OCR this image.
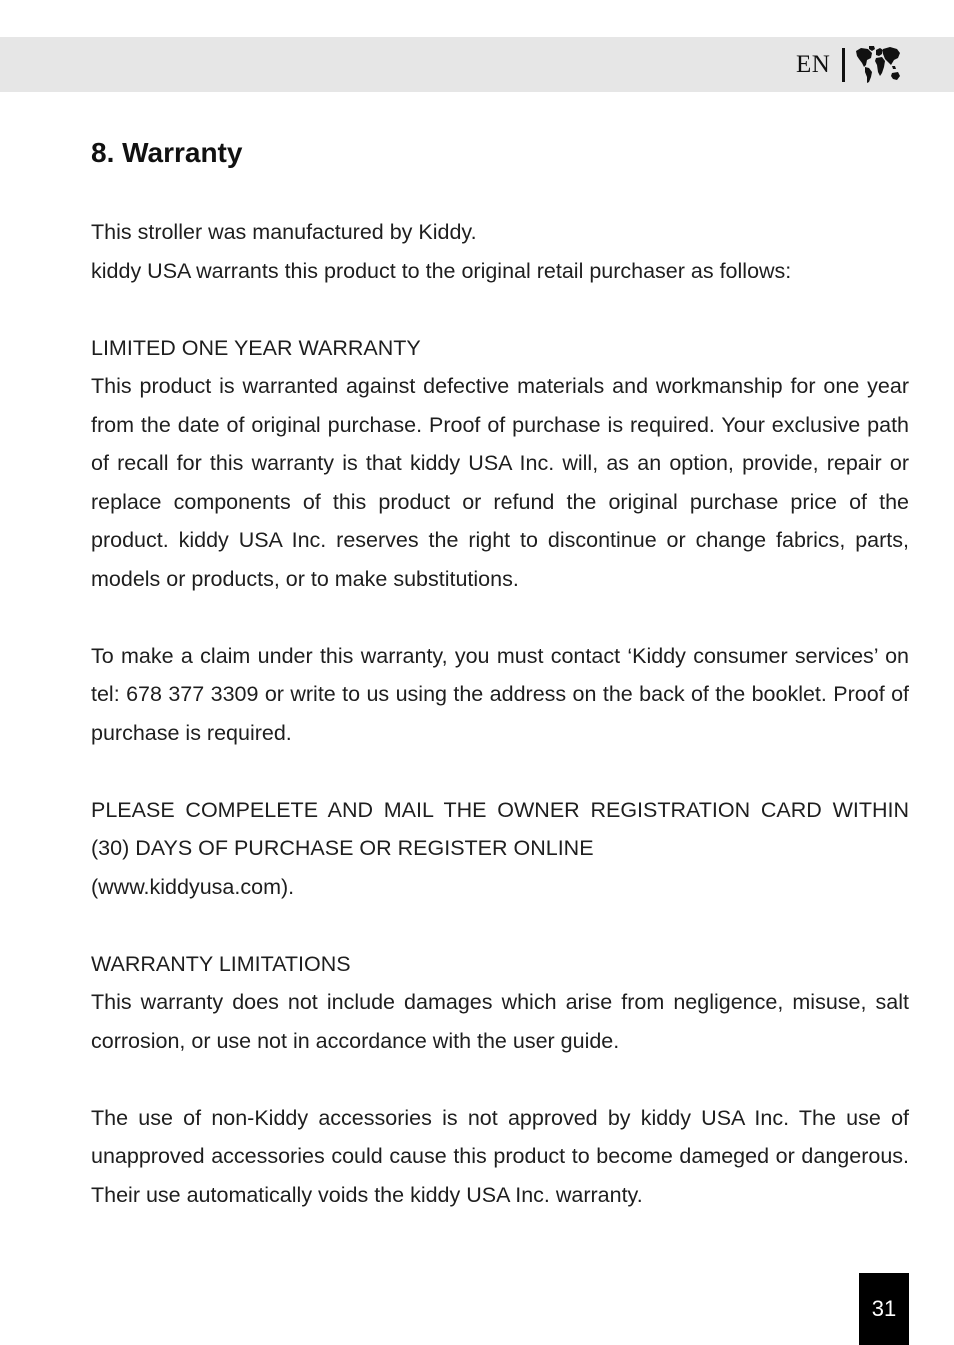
EN
8. Warranty

This stroller was manufactured by Kiddy.

kiddy USA warrants this product to the original retail purchaser as follows:

LIMITED ONE YEAR WARRANTY

This product is warranted against defective materials and workmanship for one year from the date of original purchase. Proof of purchase is required. Your exclusive path of recall for this warranty is that kiddy USA Inc. will, as an option, provide, repair or replace components of this product or refund the original purchase price of the product. kiddy USA Inc. reserves the right to discontinue or change fabrics, parts, models or products, or to make substitutions.

To make a claim under this warranty, you must contact ‘Kiddy consumer services’ on tel: 678 377 3309 or write to us using the address on the back of the booklet. Proof of purchase is required.

PLEASE COMPELETE AND MAIL THE OWNER REGISTRATION CARD WITHIN (30) DAYS OF PURCHASE OR REGISTER ONLINE

(www.kiddyusa.com).

WARRANTY LIMITATIONS

This warranty does not include damages which arise from negligence, misuse, salt corrosion, or use not in accordance with the user guide.

The use of non-Kiddy accessories is not approved by kiddy USA Inc. The use of unapproved accessories could cause this product to become dameged or dangerous. Their use automatically voids the kiddy USA Inc. warranty.

31
